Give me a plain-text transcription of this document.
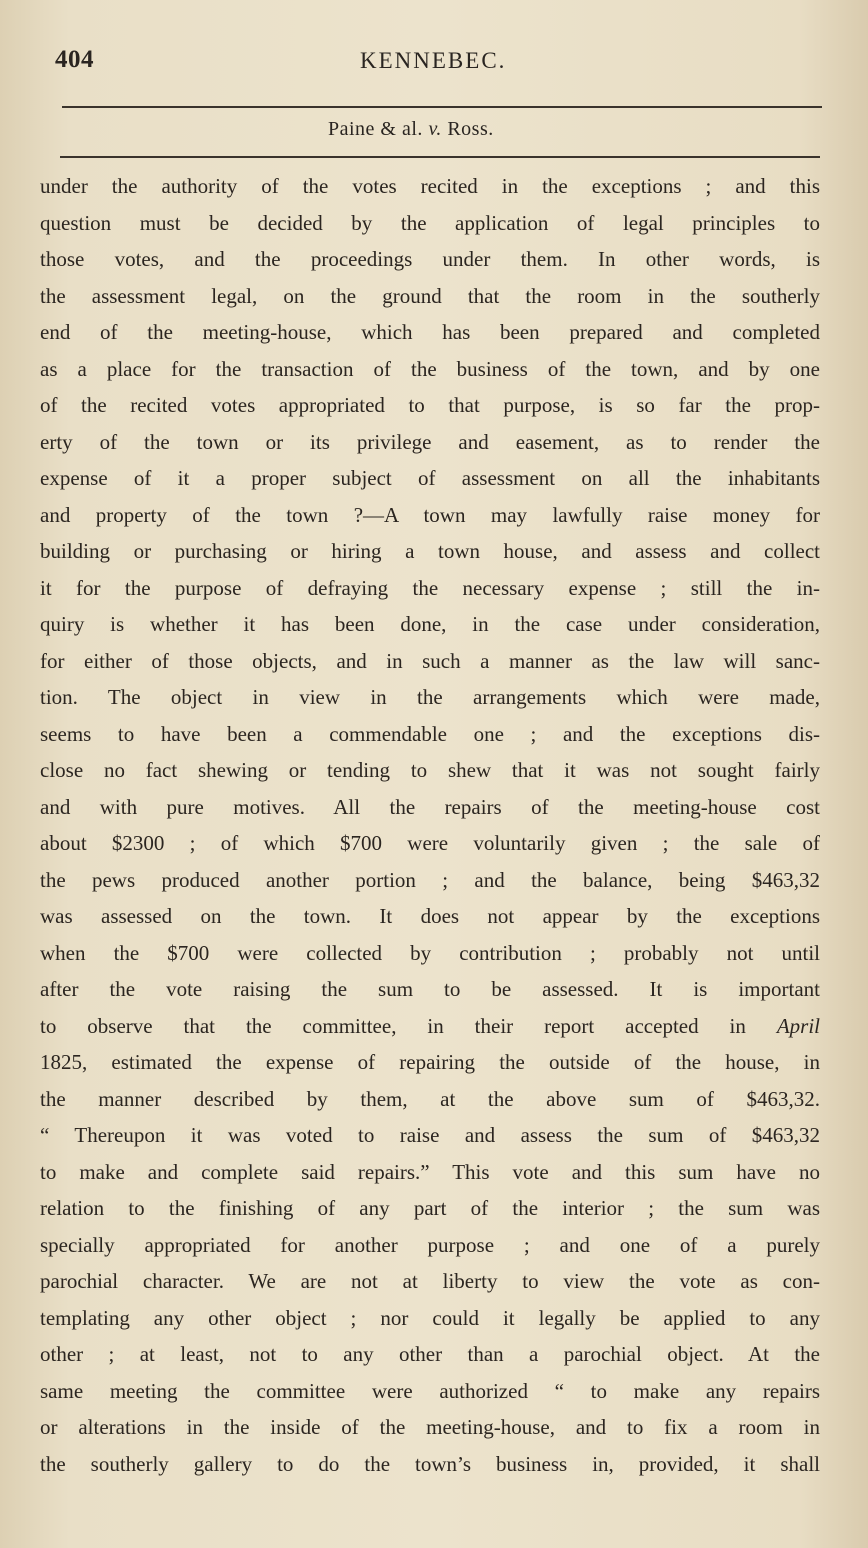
404	KENNEBEC.
Paine & al. v. Ross.
under the authority of the votes recited in the exceptions ; and this
question must be decided by the application of legal principles to
those votes, and the proceedings under them. In other words, is
the assessment legal, on the ground that the room in the southerly
end of the meeting-house, which has been prepared and completed
as a place for the transaction of the business of the town, and by one
of the recited votes appropriated to that purpose, is so far the prop-
erty of the town or its privilege and easement, as to render the
expense of it a proper subject of assessment on all the inhabitants
and property of the town ?—A town may lawfully raise money for
building or purchasing or hiring a town house, and assess and collect
it for the purpose of defraying the necessary expense ; still the in-
quiry is whether it has been done, in the case under consideration,
for either of those objects, and in such a manner as the law will sanc-
tion. The object in view in the arrangements which were made,
seems to have been a commendable one ; and the exceptions dis-
close no fact shewing or tending to shew that it was not sought fairly
and with pure motives. All the repairs of the meeting-house cost
about $2300 ; of which $700 were voluntarily given ; the sale of
the pews produced another portion ; and the balance, being $463,32
was assessed on the town. It does not appear by the exceptions
when the $700 were collected by contribution ; probably not until
after the vote raising the sum to be assessed. It is important
to observe that the committee, in their report accepted in April
1825, estimated the expense of repairing the outside of the house, in
the manner described by them, at the above sum of $463,32.
“ Thereupon it was voted to raise and assess the sum of $463,32
to make and complete said repairs.” This vote and this sum have no
relation to the finishing of any part of the interior ; the sum was
specially appropriated for another purpose ; and one of a purely
parochial character. We are not at liberty to view the vote as con-
templating any other object ; nor could it legally be applied to any
other ; at least, not to any other than a parochial object. At the
same meeting the committee were authorized “ to make any repairs
or alterations in the inside of the meeting-house, and to fix a room in
the southerly gallery to do the town’s business in, provided, it shall
